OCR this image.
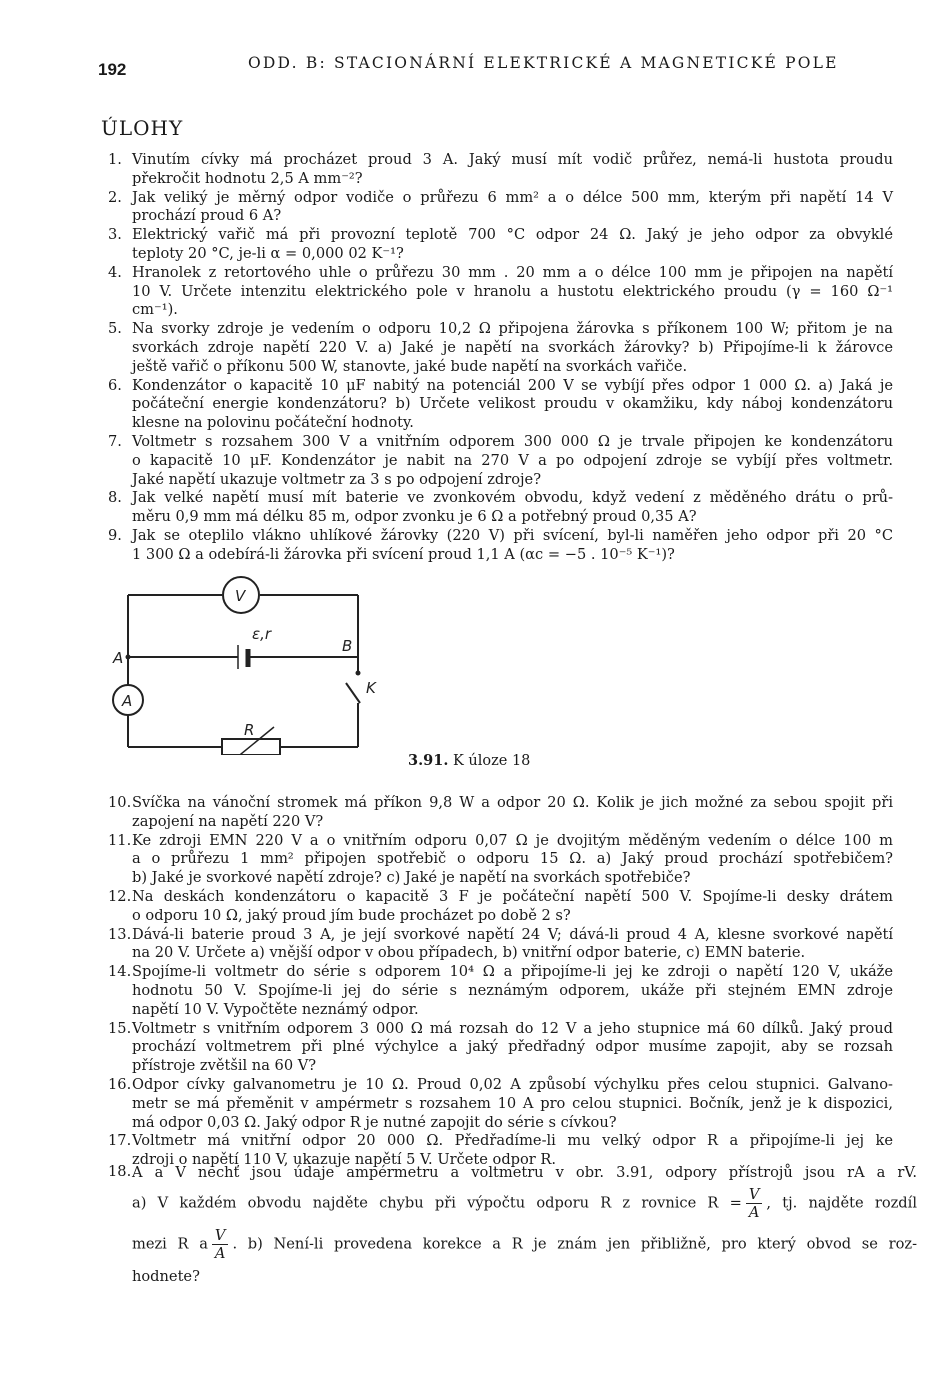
192	ODD. B: STACIONÁRNÍ ELEKTRICKÉ A MAGNETICKÉ POLE
ÚLOHY
1. Vinutím cívky má procházet proud 3 A. Jaký musí mít vodič průřez, nemá-li hustota proudu
překročit hodnotu 2,5 A mm⁻²?
2. Jak veliký je měrný odpor vodiče o průřezu 6 mm² a o délce 500 mm, kterým při napětí 14 V
prochází proud 6 A?
3. Elektrický vařič má při provozní teplotě 700 °C odpor 24 Ω. Jaký je jeho odpor za obvyklé
teploty 20 °C, je-li α = 0,000 02 K⁻¹?
4. Hranolek z retortového uhle o průřezu 30 mm . 20 mm a o délce 100 mm je připojen na napětí
10 V. Určete intenzitu elektrického pole v hranolu a hustotu elektrického proudu (γ = 160 Ω⁻¹
cm⁻¹).
5. Na svorky zdroje je vedením o odporu 10,2 Ω připojena žárovka s příkonem 100 W; přitom je na
svorkách zdroje napětí 220 V. a) Jaké je napětí na svorkách žárovky? b) Připojíme-li k žárovce
ještě vařič o příkonu 500 W, stanovte, jaké bude napětí na svorkách vařiče.
6. Kondenzátor o kapacitě 10 μF nabitý na potenciál 200 V se vybíjí přes odpor 1 000 Ω. a) Jaká je
počáteční energie kondenzátoru? b) Určete velikost proudu v okamžiku, kdy náboj kondenzátoru
klesne na polovinu počáteční hodnoty.
7. Voltmetr s rozsahem 300 V a vnitřním odporem 300 000 Ω je trvale připojen ke kondenzátoru
o kapacitě 10 μF. Kondenzátor je nabit na 270 V a po odpojení zdroje se vybíjí přes voltmetr.
Jaké napětí ukazuje voltmetr za 3 s po odpojení zdroje?
8. Jak velké napětí musí mít baterie ve zvonkovém obvodu, když vedení z měděného drátu o prů-
měru 0,9 mm má délku 85 m, odpor zvonku je 6 Ω a potřebný proud 0,35 A?
9. Jak se oteplilo vlákno uhlíkové žárovky (220 V) při svícení, byl-li naměřen jeho odpor při 20 °C
1 300 Ω a odebírá-li žárovka při svícení proud 1,1 A (αc = −5 . 10⁻⁵ K⁻¹)?
V
A
ε,r
A
B
K
R
3.91. K úloze 18
10. Svíčka na vánoční stromek má příkon 9,8 W a odpor 20 Ω. Kolik je jich možné za sebou spojit při
zapojení na napětí 220 V?
11. Ke zdroji EMN 220 V a o vnitřním odporu 0,07 Ω je dvojitým měděným vedením o délce 100 m
a o průřezu 1 mm² připojen spotřebič o odporu 15 Ω. a) Jaký proud prochází spotřebičem?
b) Jaké je svorkové napětí zdroje? c) Jaké je napětí na svorkách spotřebiče?
12. Na deskách kondenzátoru o kapacitě 3 F je počáteční napětí 500 V. Spojíme-li desky drátem
o odporu 10 Ω, jaký proud jím bude procházet po době 2 s?
13. Dává-li baterie proud 3 A, je její svorkové napětí 24 V; dává-li proud 4 A, klesne svorkové napětí
na 20 V. Určete a) vnější odpor v obou případech, b) vnitřní odpor baterie, c) EMN baterie.
14. Spojíme-li voltmetr do série s odporem 10⁴ Ω a připojíme-li jej ke zdroji o napětí 120 V, ukáže
hodnotu 50 V. Spojíme-li jej do série s neznámým odporem, ukáže při stejném EMN zdroje
napětí 10 V. Vypočtěte neznámý odpor.
15. Voltmetr s vnitřním odporem 3 000 Ω má rozsah do 12 V a jeho stupnice má 60 dílků. Jaký proud
prochází voltmetrem při plné výchylce a jaký předřadný odpor musíme zapojit, aby se rozsah
přístroje zvětšil na 60 V?
16. Odpor cívky galvanometru je 10 Ω. Proud 0,02 A způsobí výchylku přes celou stupnici. Galvano-
metr se má přeměnit v ampérmetr s rozsahem 10 A pro celou stupnici. Bočník, jenž je k dispozici,
má odpor 0,03 Ω. Jaký odpor R je nutné zapojit do série s cívkou?
17. Voltmetr má vnitřní odpor 20 000 Ω. Předřadíme-li mu velký odpor R a připojíme-li jej ke
zdroji o napětí 110 V, ukazuje napětí 5 V. Určete odpor R.
18. A a V nechť jsou údaje ampérmetru a voltmetru v obr. 3.91, odpory přístrojů jsou rA a rV.
a) V každém obvodu najděte chybu při výpočtu odporu R z rovnice $R = \frac{V}{A}$ , tj. najděte rozdíl
mezi R a $\frac{V}{A}$ . b) Není-li provedena korekce a R je znám jen přibližně, pro který obvod se roz-
hodnete?
